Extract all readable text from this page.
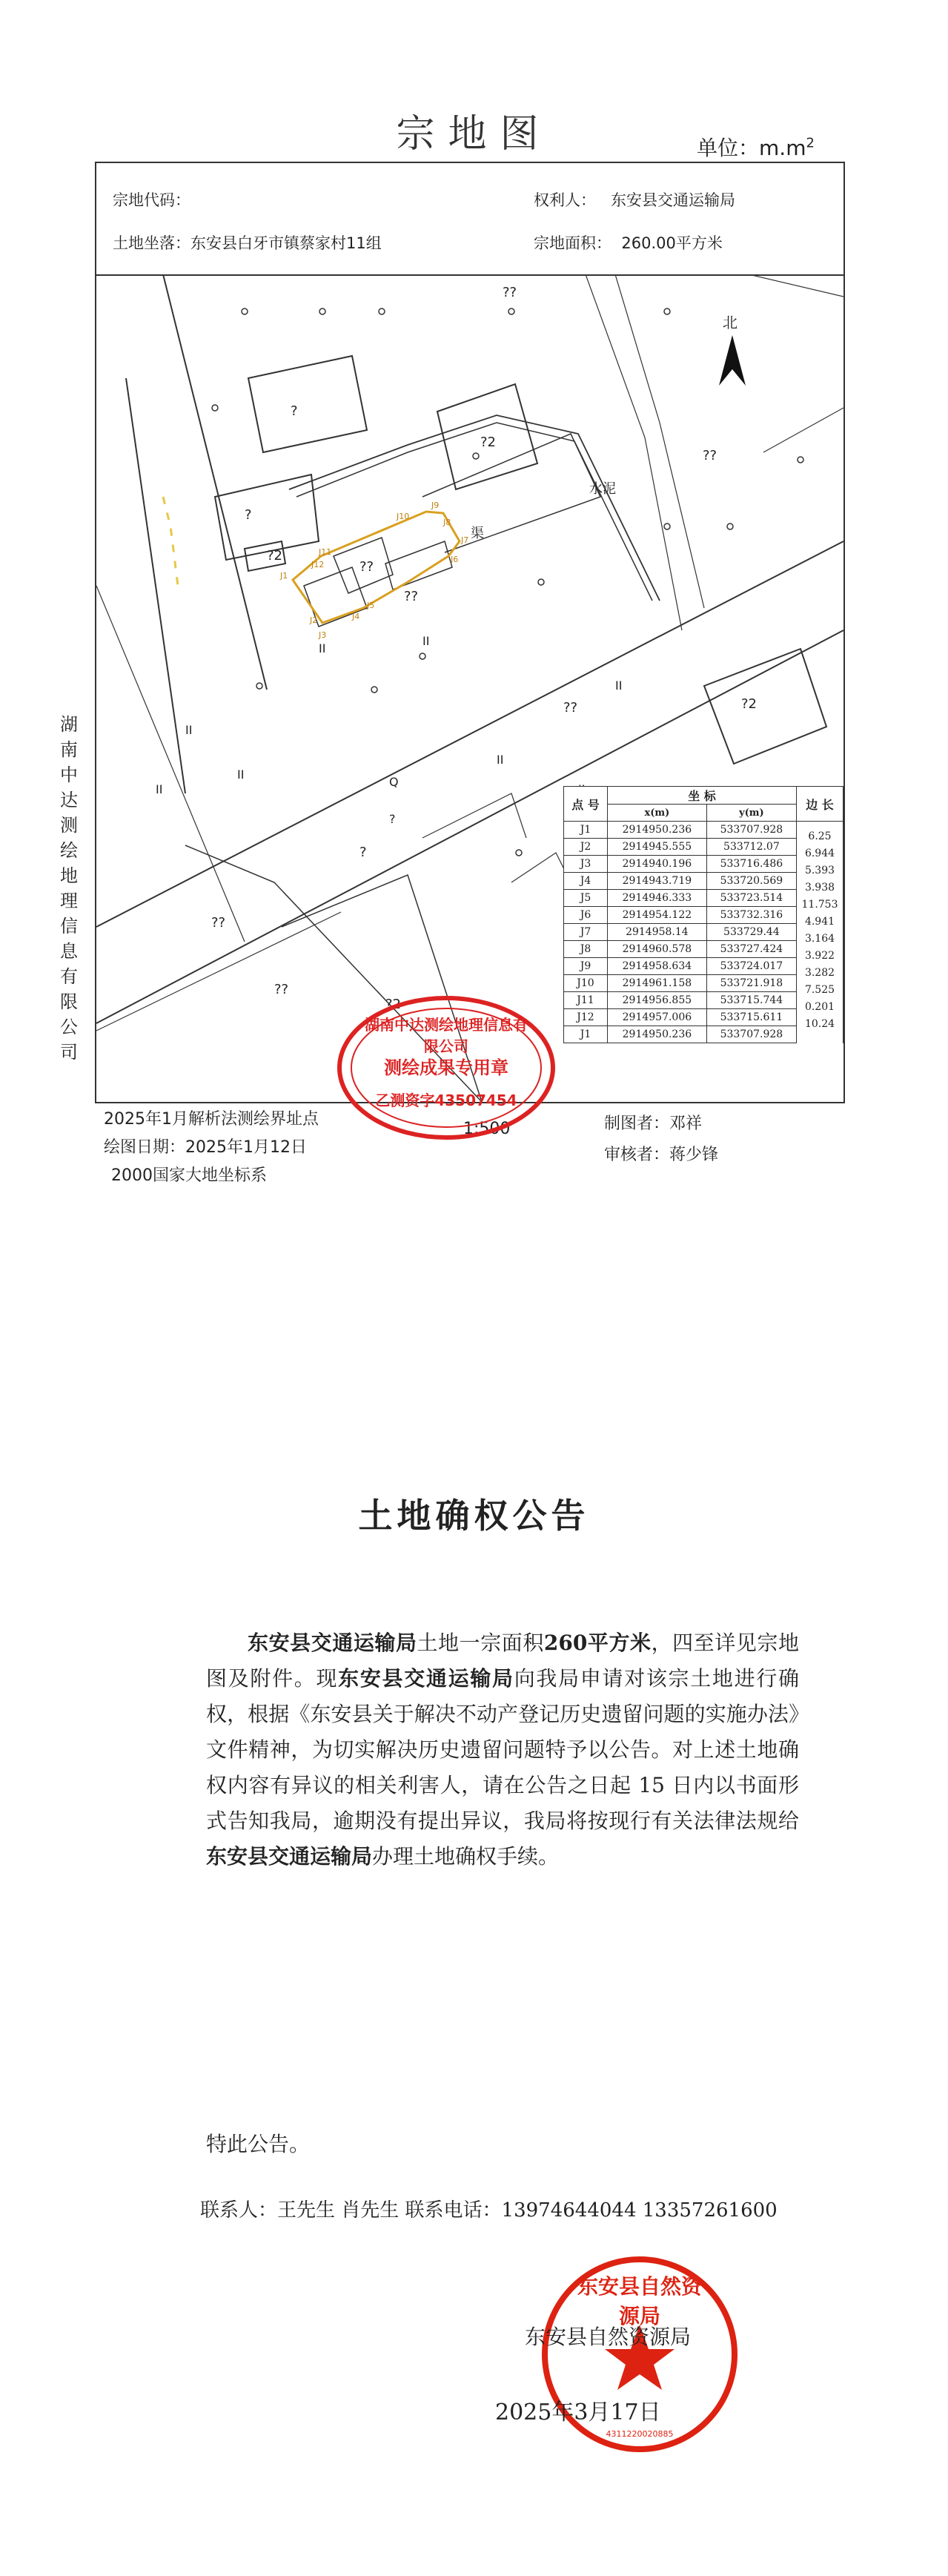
宗地图	单位：$m.m^2$
宗地代码：	权利人： 东安县交通运输局
土地坐落：东安县白牙市镇蔡家村11组	宗地面积： 260.00平方米
??
?
?2
??
?
?2
??
??
?2
??
??
?2
??
?
水泥
渠
II
II
II
II
II
II
II
Q
?
北
J1
J2
J3
J4
J5
J6
J7
J8
J9
J10
J11
J12
湖
南
中
达
测
绘
地
理
信
息
有
限
公
司
点 号	坐 标		边 长
	x(m)	y(m)	
J1	2914950.236	533707.928	
J2	2914945.555	533712.07	6.25
J3	2914940.196	533716.486	6.944
J4	2914943.719	533720.569	5.393
J5	2914946.333	533723.514	3.938
J6	2914954.122	533732.316	11.753
J7	2914958.14	533729.44	4.941
J8	2914960.578	533727.424	3.164
J9	2914958.634	533724.017	3.922
J10	2914961.158	533721.918	3.282
J11	2914956.855	533715.744	7.525
J12	2914957.006	533715.611	0.201
J1	2914950.236	533707.928	10.24
2025年1月解析法测绘界址点
绘图日期：2025年1月12日
1:500
2000国家大地坐标系
制图者：邓祥
审核者：蒋少锋
湖南中达测绘地理信息有限公司
测绘成果专用章
乙测资字43507454
土地确权公告

东安县交通运输局土地一宗面积260平方米，四至详见宗地图及附件。现东安县交通运输局向我局申请对该宗土地进行确权，根据《东安县关于解决不动产登记历史遗留问题的实施办法》文件精神，为切实解决历史遗留问题特予以公告。对上述土地确权内容有异议的相关利害人，请在公告之日起 15 日内以书面形式告知我局，逾期没有提出异议，我局将按现行有关法律法规给东安县交通运输局办理土地确权手续。

特此公告。
联系人：王先生 肖先生 联系电话：13974644044 13357261600
东安县自然资源局
4311220020885
东安县自然资源局
2025年3月17日
